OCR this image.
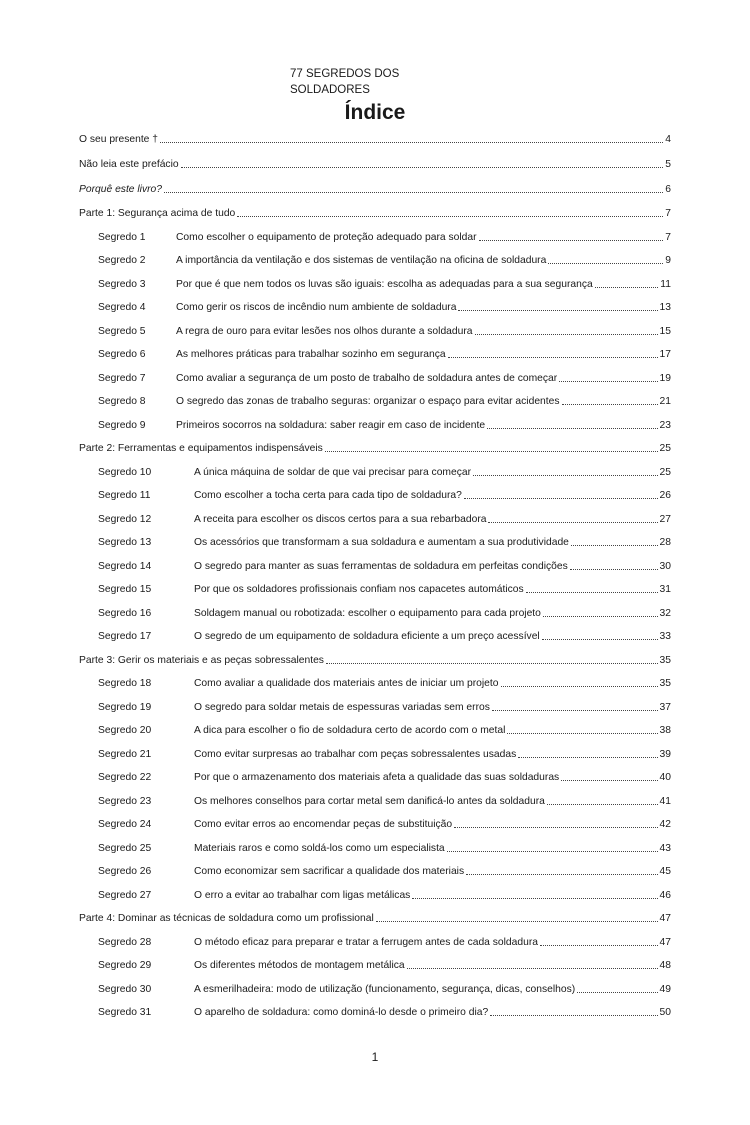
77 SEGREDOS DOS SOLDADORES
Índice
O seu presente †	4
Não leia este prefácio	5
Porquê este livro?	6
Parte 1: Segurança acima de tudo	7
Segredo 1	Como escolher o equipamento de proteção adequado para soldar	7
Segredo 2	A importância da ventilação e dos sistemas de ventilação na oficina de soldadura	9
Segredo 3	Por que é que nem todos os luvas são iguais: escolha as adequadas para a sua segurança	11
Segredo 4	Como gerir os riscos de incêndio num ambiente de soldadura	13
Segredo 5	A regra de ouro para evitar lesões nos olhos durante a soldadura	15
Segredo 6	As melhores práticas para trabalhar sozinho em segurança	17
Segredo 7	Como avaliar a segurança de um posto de trabalho de soldadura antes de começar	19
Segredo 8	O segredo das zonas de trabalho seguras: organizar o espaço para evitar acidentes	21
Segredo 9	Primeiros socorros na soldadura: saber reagir em caso de incidente	23
Parte 2: Ferramentas e equipamentos indispensáveis	25
Segredo 10	A única máquina de soldar de que vai precisar para começar	25
Segredo 11	Como escolher a tocha certa para cada tipo de soldadura?	26
Segredo 12	A receita para escolher os discos certos para a sua rebarbadora	27
Segredo 13	Os acessórios que transformam a sua soldadura e aumentam a sua produtividade	28
Segredo 14	O segredo para manter as suas ferramentas de soldadura em perfeitas condições	30
Segredo 15	Por que os soldadores profissionais confiam nos capacetes automáticos	31
Segredo 16	Soldagem manual ou robotizada: escolher o equipamento para cada projeto	32
Segredo 17	O segredo de um equipamento de soldadura eficiente a um preço acessível	33
Parte 3: Gerir os materiais e as peças sobressalentes	35
Segredo 18	Como avaliar a qualidade dos materiais antes de iniciar um projeto	35
Segredo 19	O segredo para soldar metais de espessuras variadas sem erros	37
Segredo 20	A dica para escolher o fio de soldadura certo de acordo com o metal	38
Segredo 21	Como evitar surpresas ao trabalhar com peças sobressalentes usadas	39
Segredo 22	Por que o armazenamento dos materiais afeta a qualidade das suas soldaduras	40
Segredo 23	Os melhores conselhos para cortar metal sem danificá-lo antes da soldadura	41
Segredo 24	Como evitar erros ao encomendar peças de substituição	42
Segredo 25	Materiais raros e como soldá-los como um especialista	43
Segredo 26	Como economizar sem sacrificar a qualidade dos materiais	45
Segredo 27	O erro a evitar ao trabalhar com ligas metálicas	46
Parte 4: Dominar as técnicas de soldadura como um profissional	47
Segredo 28	O método eficaz para preparar e tratar a ferrugem antes de cada soldadura	47
Segredo 29	Os diferentes métodos de montagem metálica	48
Segredo 30	A esmerilhadeira: modo de utilização (funcionamento, segurança, dicas, conselhos)	49
Segredo 31	O aparelho de soldadura: como dominá-lo desde o primeiro dia?	50
1
